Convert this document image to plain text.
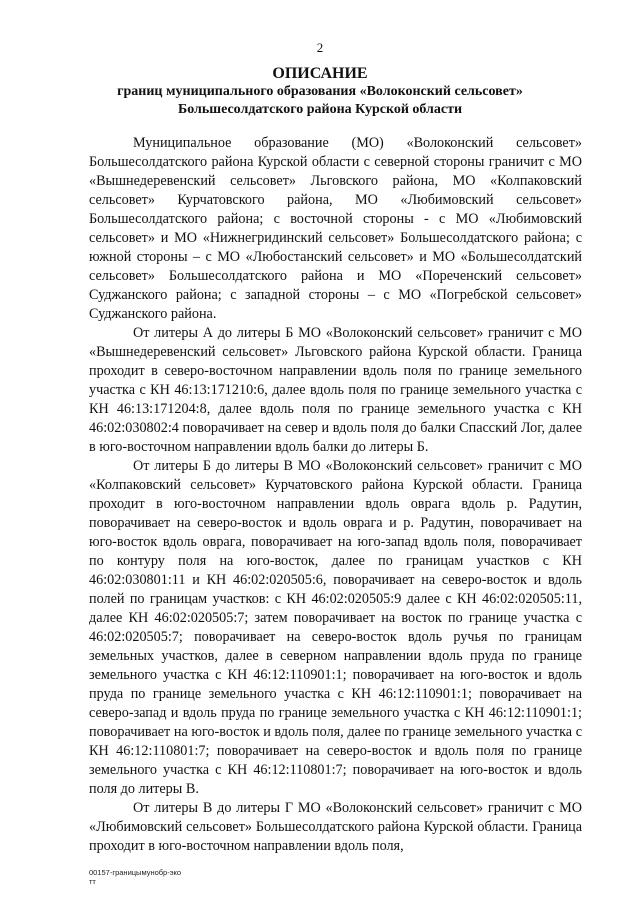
2
ОПИСАНИЕ
границ муниципального образования «Волоконский сельсовет»
Большесолдатского района Курской области

Муниципальное образование (МО) «Волоконский сельсовет» Большесолдатского района Курской области с северной стороны граничит с МО «Вышнедеревенский сельсовет» Льговского района, МО «Колпаковский сельсовет» Курчатовского района, МО «Любимовский сельсовет» Большесолдатского района; с восточной стороны - с МО «Любимовский сельсовет» и МО «Нижнегридинский сельсовет» Большесолдатского района; с южной стороны – с МО «Любостанский сельсовет» и МО «Большесолдатский сельсовет» Большесолдатского района и МО «Пореченский сельсовет» Суджанского района; с западной стороны – с МО «Погребской сельсовет» Суджанского района.

От литеры А до литеры Б МО «Волоконский сельсовет» граничит с МО «Вышнедеревенский сельсовет» Льговского района Курской области. Граница проходит в северо-восточном направлении вдоль поля по границе земельного участка с КН 46:13:171210:6, далее вдоль поля по границе земельного участка с КН 46:13:171204:8, далее вдоль поля по границе земельного участка с КН 46:02:030802:4 поворачивает на север и вдоль поля до балки Спасский Лог, далее в юго-восточном направлении вдоль балки до литеры Б.

От литеры Б до литеры В МО «Волоконский сельсовет» граничит с МО «Колпаковский сельсовет» Курчатовского района Курской области. Граница проходит в юго-восточном направлении вдоль оврага вдоль р. Радутин, поворачивает на северо-восток и вдоль оврага и р. Радутин, поворачивает на юго-восток вдоль оврага, поворачивает на юго-запад вдоль поля, поворачивает по контуру поля на юго-восток, далее по границам участков с КН 46:02:030801:11 и КН 46:02:020505:6, поворачивает на северо-восток и вдоль полей по границам участков: с КН 46:02:020505:9 далее с КН 46:02:020505:11, далее КН 46:02:020505:7; затем поворачивает на восток по границе участка с 46:02:020505:7; поворачивает на северо-восток вдоль ручья по границам земельных участков, далее в северном направлении вдоль пруда по границе земельного участка с КН 46:12:110901:1; поворачивает на юго-восток и вдоль пруда по границе земельного участка с КН 46:12:110901:1; поворачивает на северо-запад и вдоль пруда по границе земельного участка с КН 46:12:110901:1; поворачивает на юго-восток и вдоль поля, далее по границе земельного участка с КН 46:12:110801:7; поворачивает на северо-восток и вдоль поля по границе земельного участка с КН 46:12:110801:7; поворачивает на юго-восток и вдоль поля до литеры В.

От литеры В до литеры Г МО «Волоконский сельсовет» граничит с МО «Любимовский сельсовет» Большесолдатского района Курской области. Граница проходит в юго-восточном направлении вдоль поля,

00157-границымунобр-эко
тт
